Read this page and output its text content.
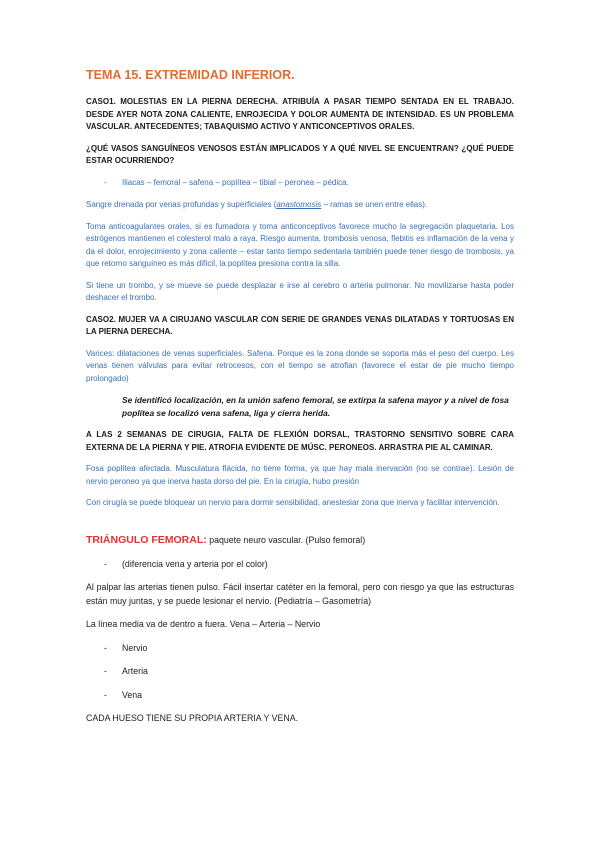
TEMA 15. EXTREMIDAD INFERIOR.

CASO1. MOLESTIAS EN LA PIERNA DERECHA. ATRIBUÍA A PASAR TIEMPO SENTADA EN EL TRABAJO. DESDE AYER NOTA ZONA CALIENTE, ENROJECIDA Y DOLOR AUMENTA DE INTENSIDAD. ES UN PROBLEMA VASCULAR. ANTECEDENTES; TABAQUISMO ACTIVO Y ANTICONCEPTIVOS ORALES.

¿QUÉ VASOS SANGUÍNEOS VENOSOS ESTÁN IMPLICADOS Y A QUÉ NIVEL SE ENCUENTRAN? ¿QUÉ PUEDE ESTAR OCURRIENDO?

-	Iliacas – femoral – safena – poplítea – tibial – peronea – pédica.

Sangre drenada por venas profundas y superficiales (anastomosis – ramas se unen entre ellas).

Toma anticoagulantes orales, si es fumadora y toma anticonceptivos favorece mucho la segregación plaquetaria. Los estrógenos mantienen el colesterol malo a raya. Riesgo aumenta, trombosis venosa, flebitis es inflamación de la vena y da el dolor, enrojecimiento y zona caliente – estar tanto tiempo sedentaria también puede tener riesgo de trombosis, ya que retorno sanguíneo es más difícil, la poplítea presiona contra la silla.

Si tiene un trombo, y se mueve se puede desplazar e irse al cerebro o arteria pulmonar. No movilizarse hasta poder deshacer el trombo.

CASO2. MUJER VA A CIRUJANO VASCULAR CON SERIE DE GRANDES VENAS DILATADAS Y TORTUOSAS EN LA PIERNA DERECHA.

Varices: dilataciones de venas superficiales. Safena. Porque es la zona donde se soporta más el peso del cuerpo. Les venas tienen válvulas para evitar retrocesos, con el tiempo se atrofian (favorece el estar de pie mucho tiempo prolongado)

Se identificó localización, en la unión safeno femoral, se extirpa la safena mayor y a nivel de fosa poplítea se localizó vena safena, liga y cierra herida.

A LAS 2 SEMANAS DE CIRUGIA, FALTA DE FLEXIÓN DORSAL, TRASTORNO SENSITIVO SOBRE CARA EXTERNA DE LA PIERNA Y PIE. ATROFIA EVIDENTE DE MÚSC. PERONEOS. ARRASTRA PIE AL CAMINAR.

Fosa poplítea afectada. Musculatura flácida, no tiene forma, ya que hay mala inervación (no se contrae). Lesión de nervio peroneo ya que inerva hasta dorso del pie. En la cirugía, hubo presión

Con cirugía se puede bloquear un nervio para dormir sensibilidad, anestesiar zona que inerva y facilitar intervención.

TRIÁNGULO FEMORAL: paquete neuro vascular. (Pulso femoral)

-	(diferencia vena y arteria por el color)

Al palpar las arterias tienen pulso. Fácil insertar catéter en la femoral, pero con riesgo ya que las estructuras están muy juntas, y se puede lesionar el nervio. (Pediatría – Gasometría)

La línea media va de dentro a fuera. Vena – Arteria – Nervio

-	Nervio
-	Arteria
-	Vena

CADA HUESO TIENE SU PROPIA ARTERIA Y VENA.
